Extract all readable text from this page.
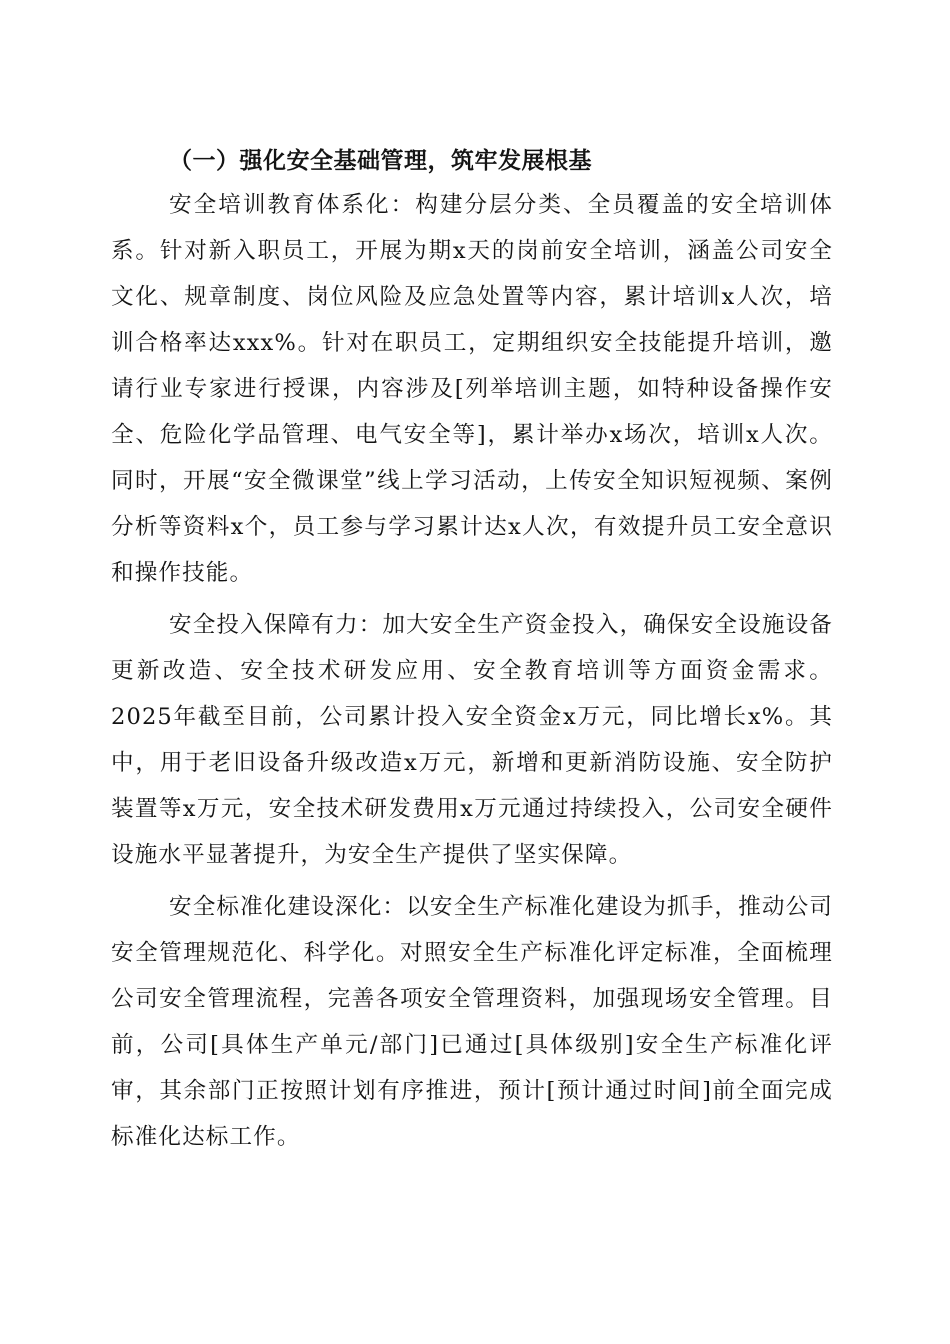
（一）强化安全基础管理，筑牢发展根基

安全培训教育体系化：构建分层分类、全员覆盖的安全培训体系。针对新入职员工，开展为期x天的岗前安全培训，涵盖公司安全文化、规章制度、岗位风险及应急处置等内容，累计培训x人次，培训合格率达xxx%。针对在职员工，定期组织安全技能提升培训，邀请行业专家进行授课，内容涉及[列举培训主题，如特种设备操作安全、危险化学品管理、电气安全等]，累计举办x场次，培训x人次。同时，开展“安全微课堂”线上学习活动，上传安全知识短视频、案例分析等资料x个，员工参与学习累计达x人次，有效提升员工安全意识和操作技能。

安全投入保障有力：加大安全生产资金投入，确保安全设施设备更新改造、安全技术研发应用、安全教育培训等方面资金需求。2025年截至目前，公司累计投入安全资金x万元，同比增长x%。其中，用于老旧设备升级改造x万元，新增和更新消防设施、安全防护装置等x万元，安全技术研发费用x万元通过持续投入，公司安全硬件设施水平显著提升，为安全生产提供了坚实保障。

安全标准化建设深化：以安全生产标准化建设为抓手，推动公司安全管理规范化、科学化。对照安全生产标准化评定标准，全面梳理公司安全管理流程，完善各项安全管理资料，加强现场安全管理。目前，公司[具体生产单元/部门]已通过[具体级别]安全生产标准化评审，其余部门正按照计划有序推进，预计[预计通过时间]前全面完成标准化达标工作。
